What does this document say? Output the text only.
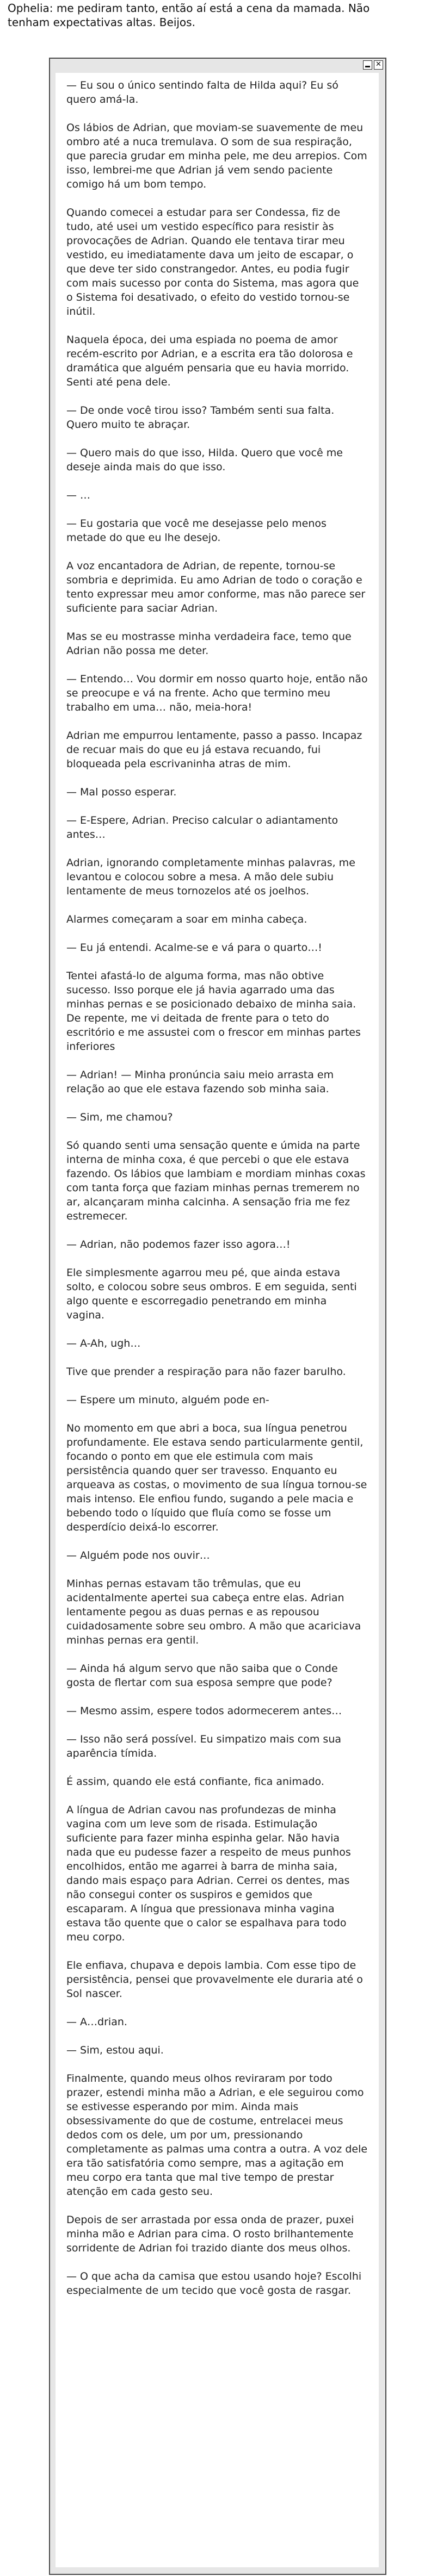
Ophelia: me pediram tanto, então aí está a cena da mamada. Não tenham expectativas altas. Beijos.
✕

— Eu sou o único sentindo falta de Hilda aqui? Eu só quero amá-la.

Os lábios de Adrian, que moviam-se suavemente de meu ombro até a nuca tremulava. O som de sua respiração, que parecia grudar em minha pele, me deu arrepios. Com isso, lembrei-me que Adrian já vem sendo paciente comigo há um bom tempo.

Quando comecei a estudar para ser Condessa, fiz de tudo, até usei um vestido específico para resistir às provocações de Adrian. Quando ele tentava tirar meu vestido, eu imediatamente dava um jeito de escapar, o que deve ter sido constrangedor. Antes, eu podia fugir com mais sucesso por conta do Sistema, mas agora que o Sistema foi desativado, o efeito do vestido tornou-se inútil.

Naquela época, dei uma espiada no poema de amor recém-escrito por Adrian, e a escrita era tão dolorosa e dramática que alguém pensaria que eu havia morrido. Senti até pena dele.

— De onde você tirou isso? Também senti sua falta. Quero muito te abraçar.

— Quero mais do que isso, Hilda. Quero que você me deseje ainda mais do que isso.

— …

— Eu gostaria que você me desejasse pelo menos metade do que eu lhe desejo.

A voz encantadora de Adrian, de repente, tornou-se sombria e deprimida. Eu amo Adrian de todo o coração e tento expressar meu amor conforme, mas não parece ser suficiente para saciar Adrian.

Mas se eu mostrasse minha verdadeira face, temo que Adrian não possa me deter.

— Entendo… Vou dormir em nosso quarto hoje, então não se preocupe e vá na frente. Acho que termino meu trabalho em uma… não, meia-hora!

Adrian me empurrou lentamente, passo a passo. Incapaz de recuar mais do que eu já estava recuando, fui bloqueada pela escrivaninha atras de mim.

— Mal posso esperar.

— E-Espere, Adrian. Preciso calcular o adiantamento antes…

Adrian, ignorando completamente minhas palavras, me levantou e colocou sobre a mesa. A mão dele subiu lentamente de meus tornozelos até os joelhos.

Alarmes começaram a soar em minha cabeça.

— Eu já entendi. Acalme-se e vá para o quarto…!

Tentei afastá-lo de alguma forma, mas não obtive sucesso. Isso porque ele já havia agarrado uma das minhas pernas e se posicionado debaixo de minha saia. De repente, me vi deitada de frente para o teto do escritório e me assustei com o frescor em minhas partes inferiores

— Adrian! — Minha pronúncia saiu meio arrasta em relação ao que ele estava fazendo sob minha saia.

— Sim, me chamou?

Só quando senti uma sensação quente e úmida na parte interna de minha coxa, é que percebi o que ele estava fazendo. Os lábios que lambiam e mordiam minhas coxas com tanta força que faziam minhas pernas tremerem no ar, alcançaram minha calcinha. A sensação fria me fez estremecer.

— Adrian, não podemos fazer isso agora…!

Ele simplesmente agarrou meu pé, que ainda estava solto, e colocou sobre seus ombros. E em seguida, senti algo quente e escorregadio penetrando em minha vagina.

— A-Ah, ugh…

Tive que prender a respiração para não fazer barulho.

— Espere um minuto, alguém pode en-

No momento em que abri a boca, sua língua penetrou profundamente. Ele estava sendo particularmente gentil, focando o ponto em que ele estimula com mais persistência quando quer ser travesso. Enquanto eu arqueava as costas, o movimento de sua língua tornou-se mais intenso. Ele enfiou fundo, sugando a pele macia e bebendo todo o líquido que fluía como se fosse um desperdício deixá-lo escorrer.

— Alguém pode nos ouvir…

Minhas pernas estavam tão trêmulas, que eu acidentalmente apertei sua cabeça entre elas. Adrian lentamente pegou as duas pernas e as repousou cuidadosamente sobre seu ombro. A mão que acariciava minhas pernas era gentil.

— Ainda há algum servo que não saiba que o Conde gosta de flertar com sua esposa sempre que pode?

— Mesmo assim, espere todos adormecerem antes…

— Isso não será possível. Eu simpatizo mais com sua aparência tímida.

É assim, quando ele está confiante, fica animado.

A língua de Adrian cavou nas profundezas de minha vagina com um leve som de risada. Estimulação suficiente para fazer minha espinha gelar. Não havia nada que eu pudesse fazer a respeito de meus punhos encolhidos, então me agarrei à barra de minha saia, dando mais espaço para Adrian. Cerrei os dentes, mas não consegui conter os suspiros e gemidos que escaparam. A língua que pressionava minha vagina estava tão quente que o calor se espalhava para todo meu corpo.

Ele enfiava, chupava e depois lambia. Com esse tipo de persistência, pensei que provavelmente ele duraria até o Sol nascer.

— A…drian.

— Sim, estou aqui.

Finalmente, quando meus olhos reviraram por todo prazer, estendi minha mão a Adrian, e ele seguirou como se estivesse esperando por mim. Ainda mais obsessivamente do que de costume, entrelacei meus dedos com os dele, um por um, pressionando completamente as palmas uma contra a outra. A voz dele era tão satisfatória como sempre, mas a agitação em meu corpo era tanta que mal tive tempo de prestar atenção em cada gesto seu.

Depois de ser arrastada por essa onda de prazer, puxei minha mão e Adrian para cima. O rosto brilhantemente sorridente de Adrian foi trazido diante dos meus olhos.

— O que acha da camisa que estou usando hoje? Escolhi especialmente de um tecido que você gosta de rasgar.
